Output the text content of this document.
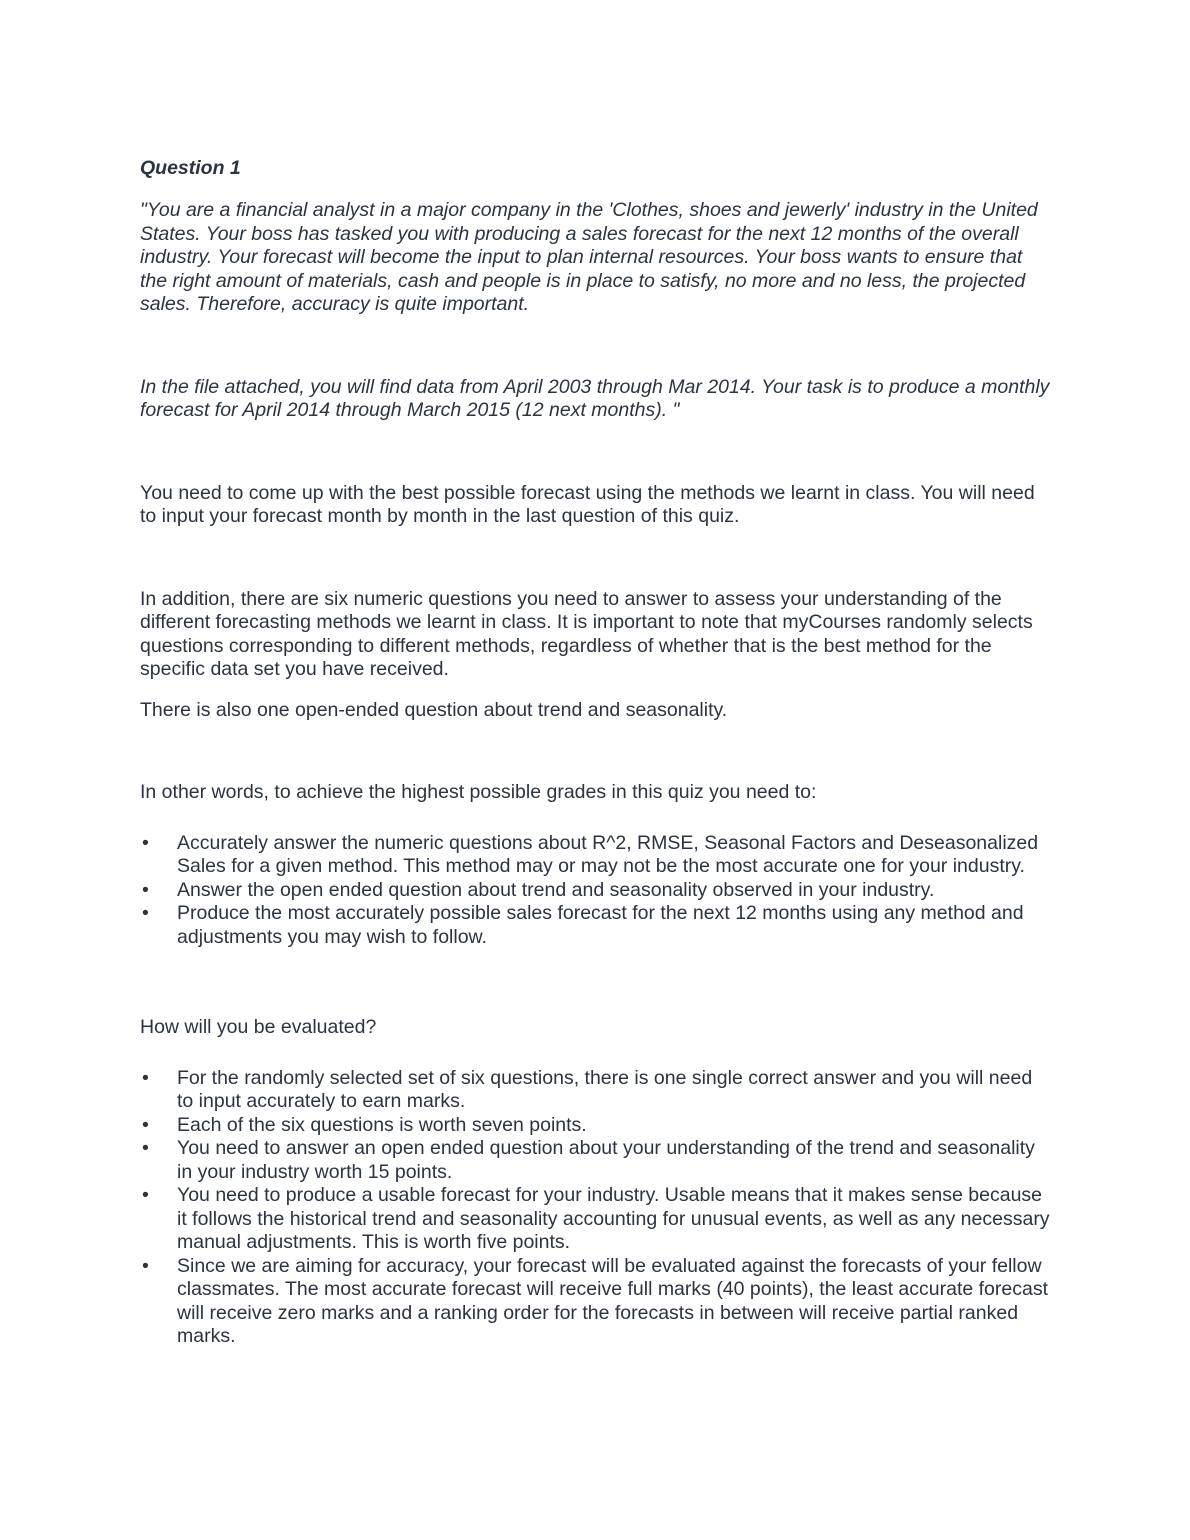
Question 1

"You are a financial analyst in a major company in the 'Clothes, shoes and jewerly' industry in the United States. Your boss has tasked you with producing a sales forecast for the next 12 months of the overall industry. Your forecast will become the input to plan internal resources. Your boss wants to ensure that the right amount of materials, cash and people is in place to satisfy, no more and no less, the projected sales. Therefore, accuracy is quite important.

In the file attached, you will find data from April 2003 through Mar 2014. Your task is to produce a monthly forecast for April 2014 through March 2015 (12 next months). "

You need to come up with the best possible forecast using the methods we learnt in class. You will need to input your forecast month by month in the last question of this quiz.

In addition, there are six numeric questions you need to answer to assess your understanding of the different forecasting methods we learnt in class. It is important to note that myCourses randomly selects questions corresponding to different methods, regardless of whether that is the best method for the specific data set you have received.

There is also one open-ended question about trend and seasonality.

In other words, to achieve the highest possible grades in this quiz you need to:

• Accurately answer the numeric questions about R^2, RMSE, Seasonal Factors and Deseasonalized Sales for a given method. This method may or may not be the most accurate one for your industry.
• Answer the open ended question about trend and seasonality observed in your industry.
• Produce the most accurately possible sales forecast for the next 12 months using any method and adjustments you may wish to follow.

How will you be evaluated?

• For the randomly selected set of six questions, there is one single correct answer and you will need to input accurately to earn marks.
• Each of the six questions is worth seven points.
• You need to answer an open ended question about your understanding of the trend and seasonality in your industry worth 15 points.
• You need to produce a usable forecast for your industry. Usable means that it makes sense because it follows the historical trend and seasonality accounting for unusual events, as well as any necessary manual adjustments. This is worth five points.
• Since we are aiming for accuracy, your forecast will be evaluated against the forecasts of your fellow classmates. The most accurate forecast will receive full marks (40 points), the least accurate forecast will receive zero marks and a ranking order for the forecasts in between will receive partial ranked marks.
